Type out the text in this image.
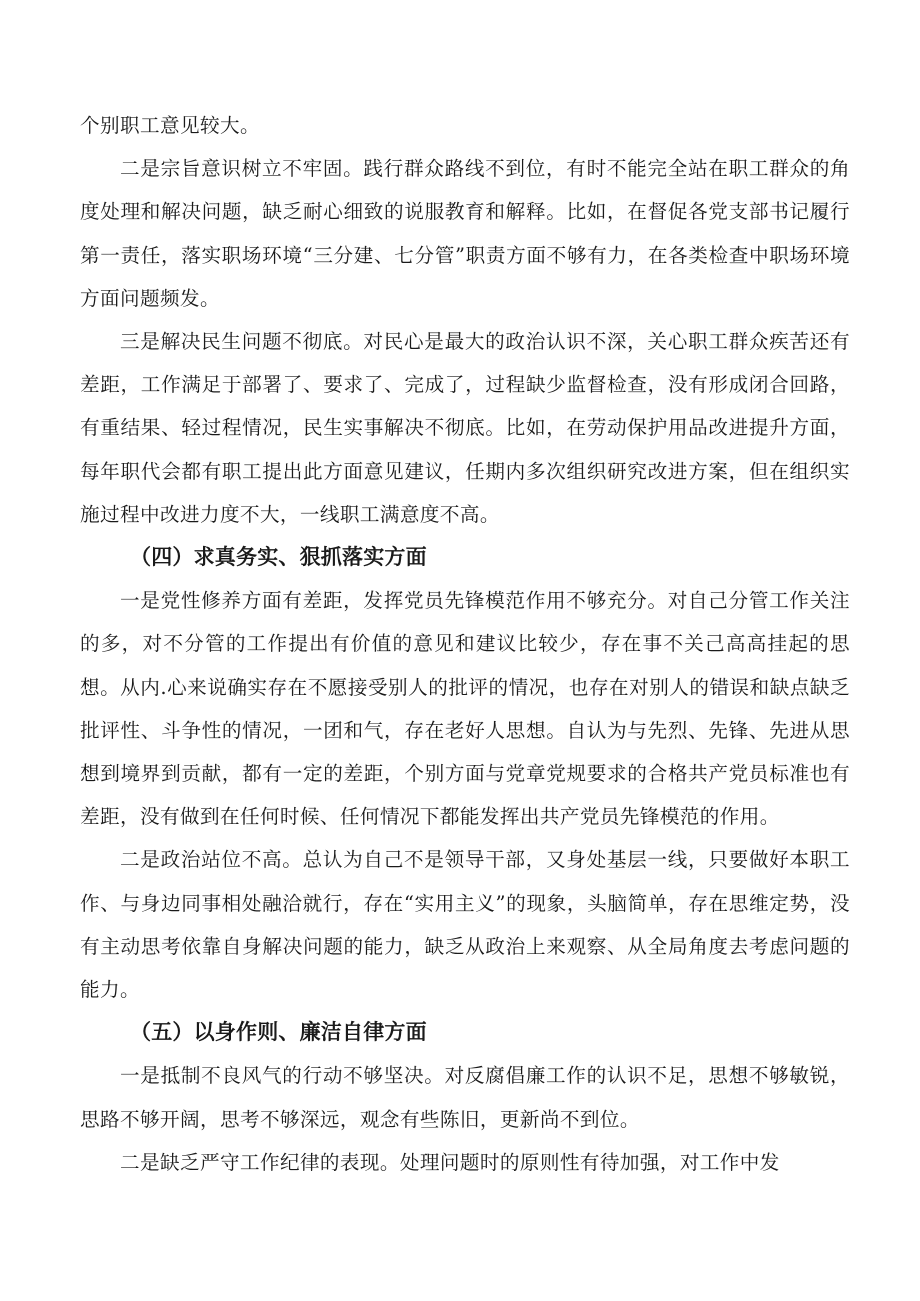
个别职工意见较大。

二是宗旨意识树立不牢固。践行群众路线不到位，有时不能完全站在职工群众的角度处理和解决问题，缺乏耐心细致的说服教育和解释。比如，在督促各党支部书记履行第一责任，落实职场环境“三分建、七分管”职责方面不够有力，在各类检查中职场环境方面问题频发。

三是解决民生问题不彻底。对民心是最大的政治认识不深，关心职工群众疾苦还有差距，工作满足于部署了、要求了、完成了，过程缺少监督检查，没有形成闭合回路，有重结果、轻过程情况，民生实事解决不彻底。比如，在劳动保护用品改进提升方面，每年职代会都有职工提出此方面意见建议，任期内多次组织研究改进方案，但在组织实施过程中改进力度不大，一线职工满意度不高。

（四）求真务实、狠抓落实方面

一是党性修养方面有差距，发挥党员先锋模范作用不够充分。对自己分管工作关注的多，对不分管的工作提出有价值的意见和建议比较少，存在事不关己高高挂起的思想。从内.心来说确实存在不愿接受别人的批评的情况，也存在对别人的错误和缺点缺乏批评性、斗争性的情况，一团和气，存在老好人思想。自认为与先烈、先锋、先进从思想到境界到贡献，都有一定的差距，个别方面与党章党规要求的合格共产党员标准也有差距，没有做到在任何时候、任何情况下都能发挥出共产党员先锋模范的作用。

二是政治站位不高。总认为自己不是领导干部，又身处基层一线，只要做好本职工作、与身边同事相处融洽就行，存在“实用主义”的现象，头脑简单，存在思维定势，没有主动思考依靠自身解决问题的能力，缺乏从政治上来观察、从全局角度去考虑问题的能力。

（五）以身作则、廉洁自律方面

一是抵制不良风气的行动不够坚决。对反腐倡廉工作的认识不足，思想不够敏锐，思路不够开阔，思考不够深远，观念有些陈旧，更新尚不到位。

二是缺乏严守工作纪律的表现。处理问题时的原则性有待加强，对工作中发
